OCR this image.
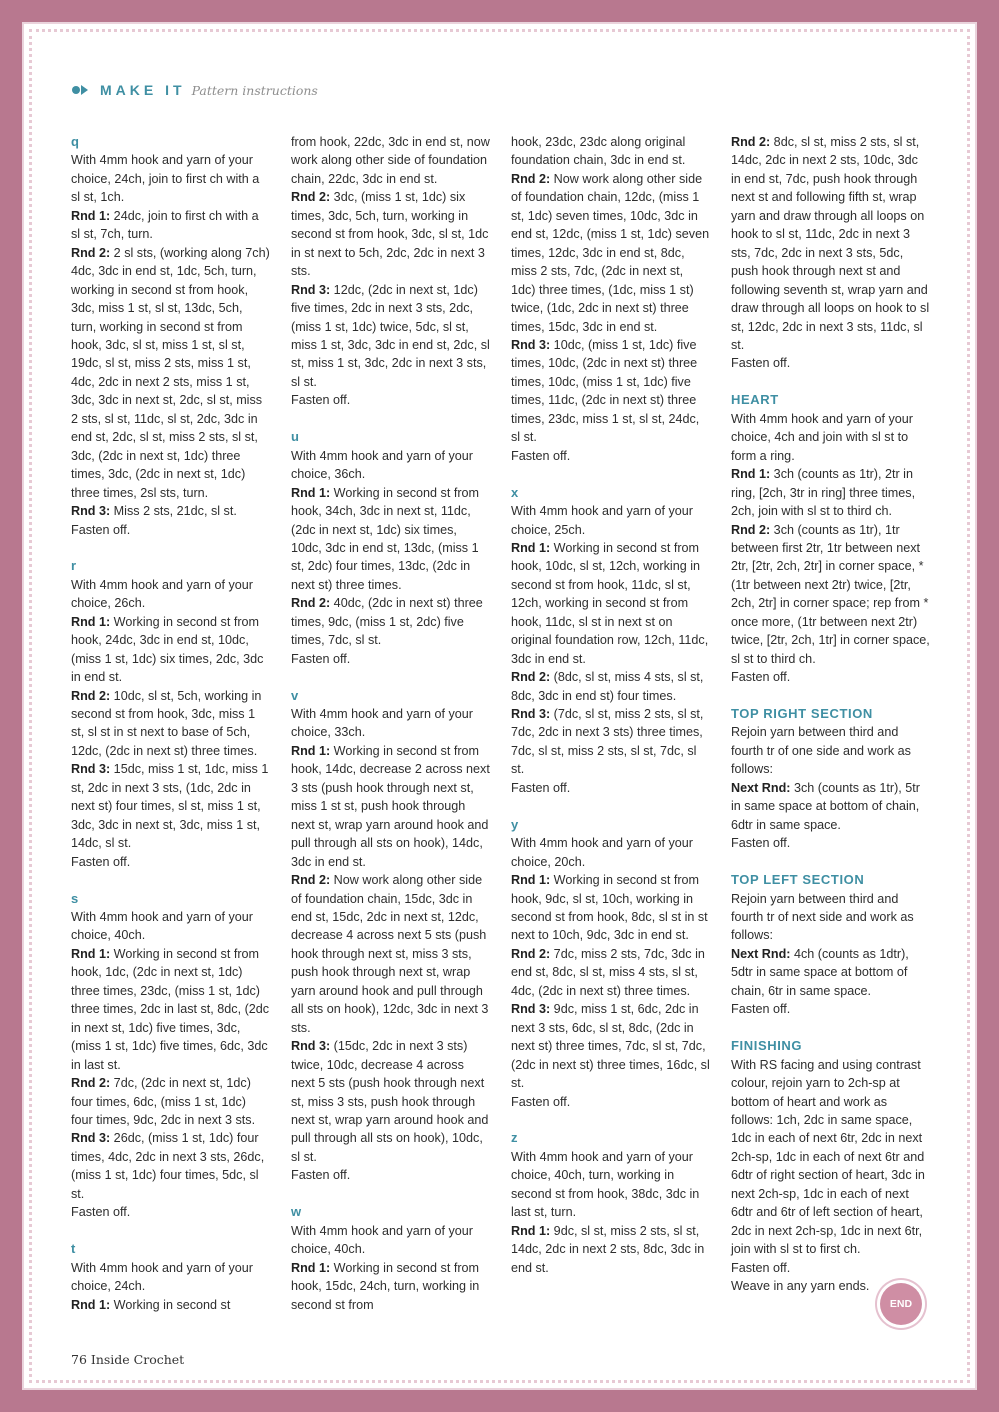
MAKE IT Pattern instructions

q

With 4mm hook and yarn of your choice, 24ch, join to first ch with a sl st, 1ch.

Rnd 1: 24dc, join to first ch with a sl st, 7ch, turn.

Rnd 2: 2 sl sts, (working along 7ch) 4dc, 3dc in end st, 1dc, 5ch, turn, working in second st from hook, 3dc, miss 1 st, sl st, 13dc, 5ch, turn, working in second st from hook, 3dc, sl st, miss 1 st, sl st, 19dc, sl st, miss 2 sts, miss 1 st, 4dc, 2dc in next 2 sts, miss 1 st, 3dc, 3dc in next st, 2dc, sl st, miss 2 sts, sl st, 11dc, sl st, 2dc, 3dc in end st, 2dc, sl st, miss 2 sts, sl st, 3dc, (2dc in next st, 1dc) three times, 3dc, (2dc in next st, 1dc) three times, 2sl sts, turn.

Rnd 3: Miss 2 sts, 21dc, sl st.

Fasten off.

r

With 4mm hook and yarn of your choice, 26ch.

Rnd 1: Working in second st from hook, 24dc, 3dc in end st, 10dc, (miss 1 st, 1dc) six times, 2dc, 3dc in end st.

Rnd 2: 10dc, sl st, 5ch, working in second st from hook, 3dc, miss 1 st, sl st in st next to base of 5ch, 12dc, (2dc in next st) three times.

Rnd 3: 15dc, miss 1 st, 1dc, miss 1 st, 2dc in next 3 sts, (1dc, 2dc in next st) four times, sl st, miss 1 st, 3dc, 3dc in next st, 3dc, miss 1 st, 14dc, sl st.

Fasten off.

s

With 4mm hook and yarn of your choice, 40ch.

Rnd 1: Working in second st from hook, 1dc, (2dc in next st, 1dc) three times, 23dc, (miss 1 st, 1dc) three times, 2dc in last st, 8dc, (2dc in next st, 1dc) five times, 3dc, (miss 1 st, 1dc) five times, 6dc, 3dc in last st.

Rnd 2: 7dc, (2dc in next st, 1dc) four times, 6dc, (miss 1 st, 1dc) four times, 9dc, 2dc in next 3 sts.

Rnd 3: 26dc, (miss 1 st, 1dc) four times, 4dc, 2dc in next 3 sts, 26dc, (miss 1 st, 1dc) four times, 5dc, sl st.

Fasten off.

t

With 4mm hook and yarn of your choice, 24ch.

Rnd 1: Working in second st

from hook, 22dc, 3dc in end st, now work along other side of foundation chain, 22dc, 3dc in end st.

Rnd 2: 3dc, (miss 1 st, 1dc) six times, 3dc, 5ch, turn, working in second st from hook, 3dc, sl st, 1dc in st next to 5ch, 2dc, 2dc in next 3 sts.

Rnd 3: 12dc, (2dc in next st, 1dc) five times, 2dc in next 3 sts, 2dc, (miss 1 st, 1dc) twice, 5dc, sl st, miss 1 st, 3dc, 3dc in end st, 2dc, sl st, miss 1 st, 3dc, 2dc in next 3 sts, sl st.

Fasten off.

u

With 4mm hook and yarn of your choice, 36ch.

Rnd 1: Working in second st from hook, 34ch, 3dc in next st, 11dc, (2dc in next st, 1dc) six times, 10dc, 3dc in end st, 13dc, (miss 1 st, 2dc) four times, 13dc, (2dc in next st) three times.

Rnd 2: 40dc, (2dc in next st) three times, 9dc, (miss 1 st, 2dc) five times, 7dc, sl st.

Fasten off.

v

With 4mm hook and yarn of your choice, 33ch.

Rnd 1: Working in second st from hook, 14dc, decrease 2 across next 3 sts (push hook through next st, miss 1 st st, push hook through next st, wrap yarn around hook and pull through all sts on hook), 14dc, 3dc in end st.

Rnd 2: Now work along other side of foundation chain, 15dc, 3dc in end st, 15dc, 2dc in next st, 12dc, decrease 4 across next 5 sts (push hook through next st, miss 3 sts, push hook through next st, wrap yarn around hook and pull through all sts on hook), 12dc, 3dc in next 3 sts.

Rnd 3: (15dc, 2dc in next 3 sts) twice, 10dc, decrease 4 across next 5 sts (push hook through next st, miss 3 sts, push hook through next st, wrap yarn around hook and pull through all sts on hook), 10dc, sl st.

Fasten off.

w

With 4mm hook and yarn of your choice, 40ch.

Rnd 1: Working in second st from hook, 15dc, 24ch, turn, working in second st from

hook, 23dc, 23dc along original foundation chain, 3dc in end st.

Rnd 2: Now work along other side of foundation chain, 12dc, (miss 1 st, 1dc) seven times, 10dc, 3dc in end st, 12dc, (miss 1 st, 1dc) seven times, 12dc, 3dc in end st, 8dc, miss 2 sts, 7dc, (2dc in next st, 1dc) three times, (1dc, miss 1 st) twice, (1dc, 2dc in next st) three times, 15dc, 3dc in end st.

Rnd 3: 10dc, (miss 1 st, 1dc) five times, 10dc, (2dc in next st) three times, 10dc, (miss 1 st, 1dc) five times, 11dc, (2dc in next st) three times, 23dc, miss 1 st, sl st, 24dc, sl st.

Fasten off.

x

With 4mm hook and yarn of your choice, 25ch.

Rnd 1: Working in second st from hook, 10dc, sl st, 12ch, working in second st from hook, 11dc, sl st, 12ch, working in second st from hook, 11dc, sl st in next st on original foundation row, 12ch, 11dc, 3dc in end st.

Rnd 2: (8dc, sl st, miss 4 sts, sl st, 8dc, 3dc in end st) four times.

Rnd 3: (7dc, sl st, miss 2 sts, sl st, 7dc, 2dc in next 3 sts) three times, 7dc, sl st, miss 2 sts, sl st, 7dc, sl st.

Fasten off.

y

With 4mm hook and yarn of your choice, 20ch.

Rnd 1: Working in second st from hook, 9dc, sl st, 10ch, working in second st from hook, 8dc, sl st in st next to 10ch, 9dc, 3dc in end st.

Rnd 2: 7dc, miss 2 sts, 7dc, 3dc in end st, 8dc, sl st, miss 4 sts, sl st, 4dc, (2dc in next st) three times.

Rnd 3: 9dc, miss 1 st, 6dc, 2dc in next 3 sts, 6dc, sl st, 8dc, (2dc in next st) three times, 7dc, sl st, 7dc, (2dc in next st) three times, 16dc, sl st.

Fasten off.

z

With 4mm hook and yarn of your choice, 40ch, turn, working in second st from hook, 38dc, 3dc in last st, turn.

Rnd 1: 9dc, sl st, miss 2 sts, sl st, 14dc, 2dc in next 2 sts, 8dc, 3dc in end st.

Rnd 2: 8dc, sl st, miss 2 sts, sl st, 14dc, 2dc in next 2 sts, 10dc, 3dc in end st, 7dc, push hook through next st and following fifth st, wrap yarn and draw through all loops on hook to sl st, 11dc, 2dc in next 3 sts, 7dc, 2dc in next 3 sts, 5dc, push hook through next st and following seventh st, wrap yarn and draw through all loops on hook to sl st, 12dc, 2dc in next 3 sts, 11dc, sl st.

Fasten off.

HEART

With 4mm hook and yarn of your choice, 4ch and join with sl st to form a ring.

Rnd 1: 3ch (counts as 1tr), 2tr in ring, [2ch, 3tr in ring] three times, 2ch, join with sl st to third ch.

Rnd 2: 3ch (counts as 1tr), 1tr between first 2tr, 1tr between next 2tr, [2tr, 2ch, 2tr] in corner space, *(1tr between next 2tr) twice, [2tr, 2ch, 2tr] in corner space; rep from * once more, (1tr between next 2tr) twice, [2tr, 2ch, 1tr] in corner space, sl st to third ch.

Fasten off.

TOP RIGHT SECTION

Rejoin yarn between third and fourth tr of one side and work as follows:

Next Rnd: 3ch (counts as 1tr), 5tr in same space at bottom of chain, 6dtr in same space.

Fasten off.

TOP LEFT SECTION

Rejoin yarn between third and fourth tr of next side and work as follows:

Next Rnd: 4ch (counts as 1dtr), 5dtr in same space at bottom of chain, 6tr in same space.

Fasten off.

FINISHING

With RS facing and using contrast colour, rejoin yarn to 2ch-sp at bottom of heart and work as follows: 1ch, 2dc in same space, 1dc in each of next 6tr, 2dc in next 2ch-sp, 1dc in each of next 6tr and 6dtr of right section of heart, 3dc in next 2ch-sp, 1dc in each of next 6dtr and 6tr of left section of heart, 2dc in next 2ch-sp, 1dc in next 6tr, join with sl st to first ch.

Fasten off.

Weave in any yarn ends.

END
76 Inside Crochet
